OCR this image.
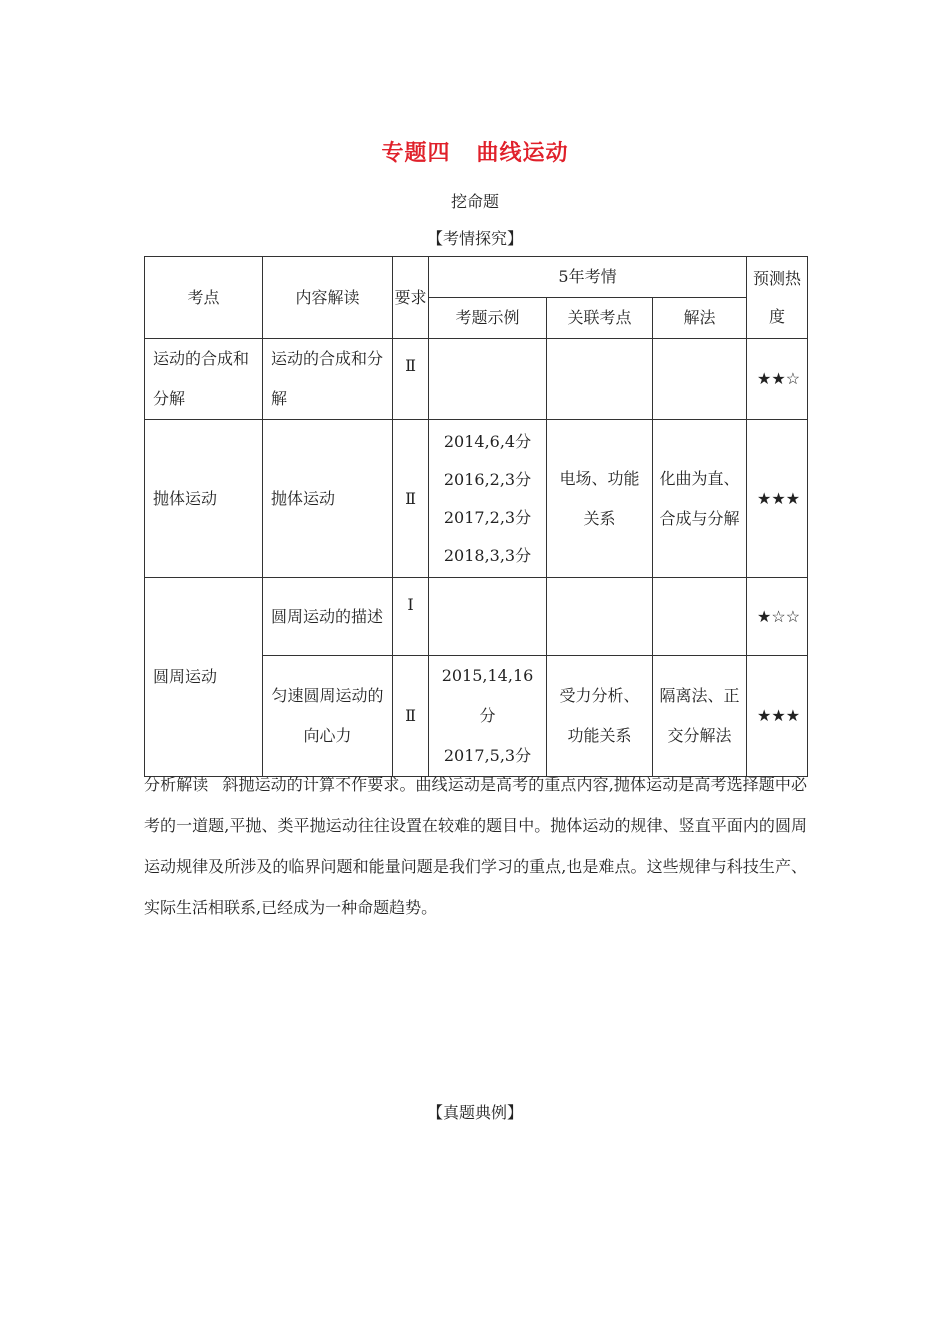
专题四 曲线运动
挖命题
【考情探究】
考点	内容解读	要求	5年考情			预测热度
			考题示例	关联考点	解法	
运动的合成和分解	运动的合成和分解	Ⅱ				★★☆
抛体运动	抛体运动	Ⅱ	2014,6,4分
2016,2,3分
2017,2,3分
2018,3,3分	电场、功能关系	化曲为直、合成与分解	★★★
圆周运动	圆周运动的描述	Ⅰ				★☆☆
	匀速圆周运动的向心力	Ⅱ	2015,14,16分
2017,5,3分	受力分析、功能关系	隔离法、正交分解法	★★★
分析解读 斜抛运动的计算不作要求。曲线运动是高考的重点内容,抛体运动是高考选择题中必考的一道题,平抛、类平抛运动往往设置在较难的题目中。抛体运动的规律、竖直平面内的圆周运动规律及所涉及的临界问题和能量问题是我们学习的重点,也是难点。这些规律与科技生产、实际生活相联系,已经成为一种命题趋势。
【真题典例】
